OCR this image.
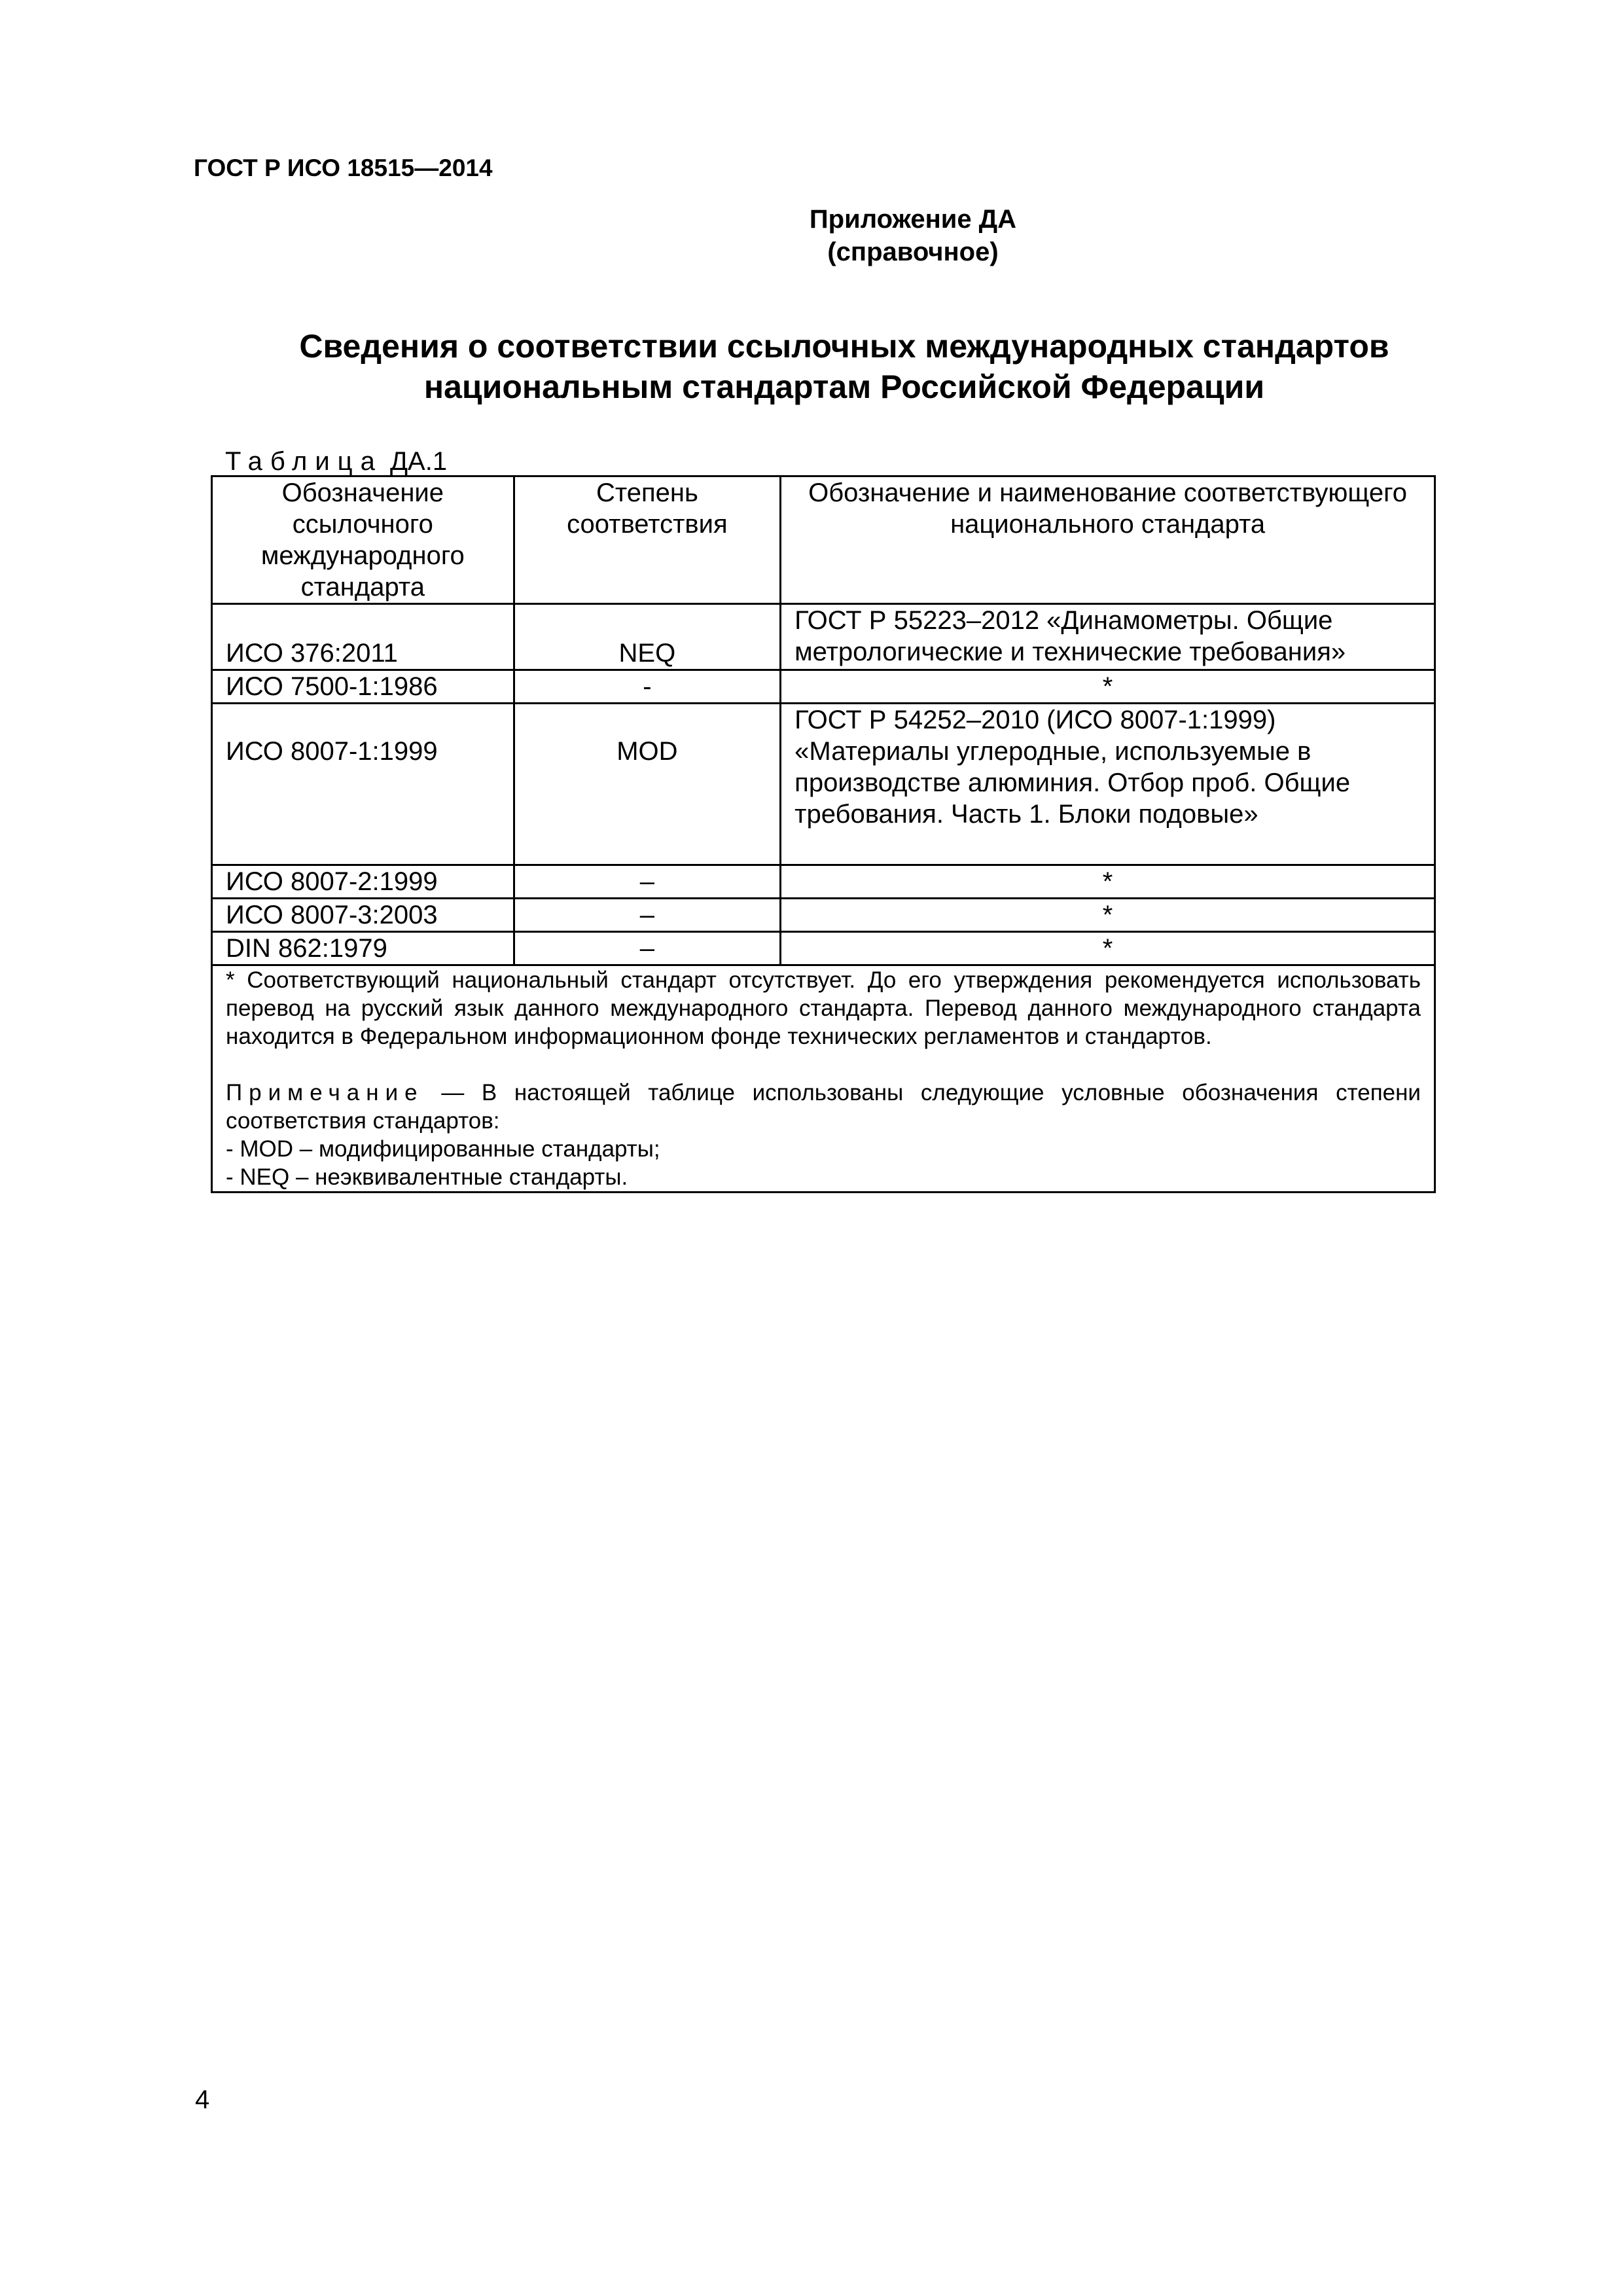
ГОСТ Р ИСО 18515—2014
Приложение ДА
(справочное)
Сведения о соответствии ссылочных международных стандартов
национальным стандартам Российской Федерации
Таблица ДА.1
Обозначение ссылочного международного стандарта	Степень соответствия	Обозначение и наименование соответствующего национального стандарта
ИСО 376:2011	NEQ	ГОСТ Р 55223–2012 «Динамометры. Общие метрологические и технические требования»
ИСО 7500-1:1986	-	*
ИСО 8007-1:1999	MOD	ГОСТ Р 54252–2010 (ИСО 8007-1:1999) «Материалы углеродные, используемые в производстве алюминия. Отбор проб. Общие требования. Часть 1. Блоки подовые»
ИСО 8007-2:1999	–	*
ИСО 8007-3:2003	–	*
DIN 862:1979	–	*

* Соответствующий национальный стандарт отсутствует. До его утверждения рекомендуется использовать перевод на русский язык данного международного стандарта. Перевод данного международного стандарта находится в Федеральном информационном фонде технических регламентов и стандартов.

Примечание — В настоящей таблице использованы следующие условные обозначения степени соответствия стандартов:

- MOD – модифицированные стандарты;

- NEQ – неэквивалентные стандарты.		

4
